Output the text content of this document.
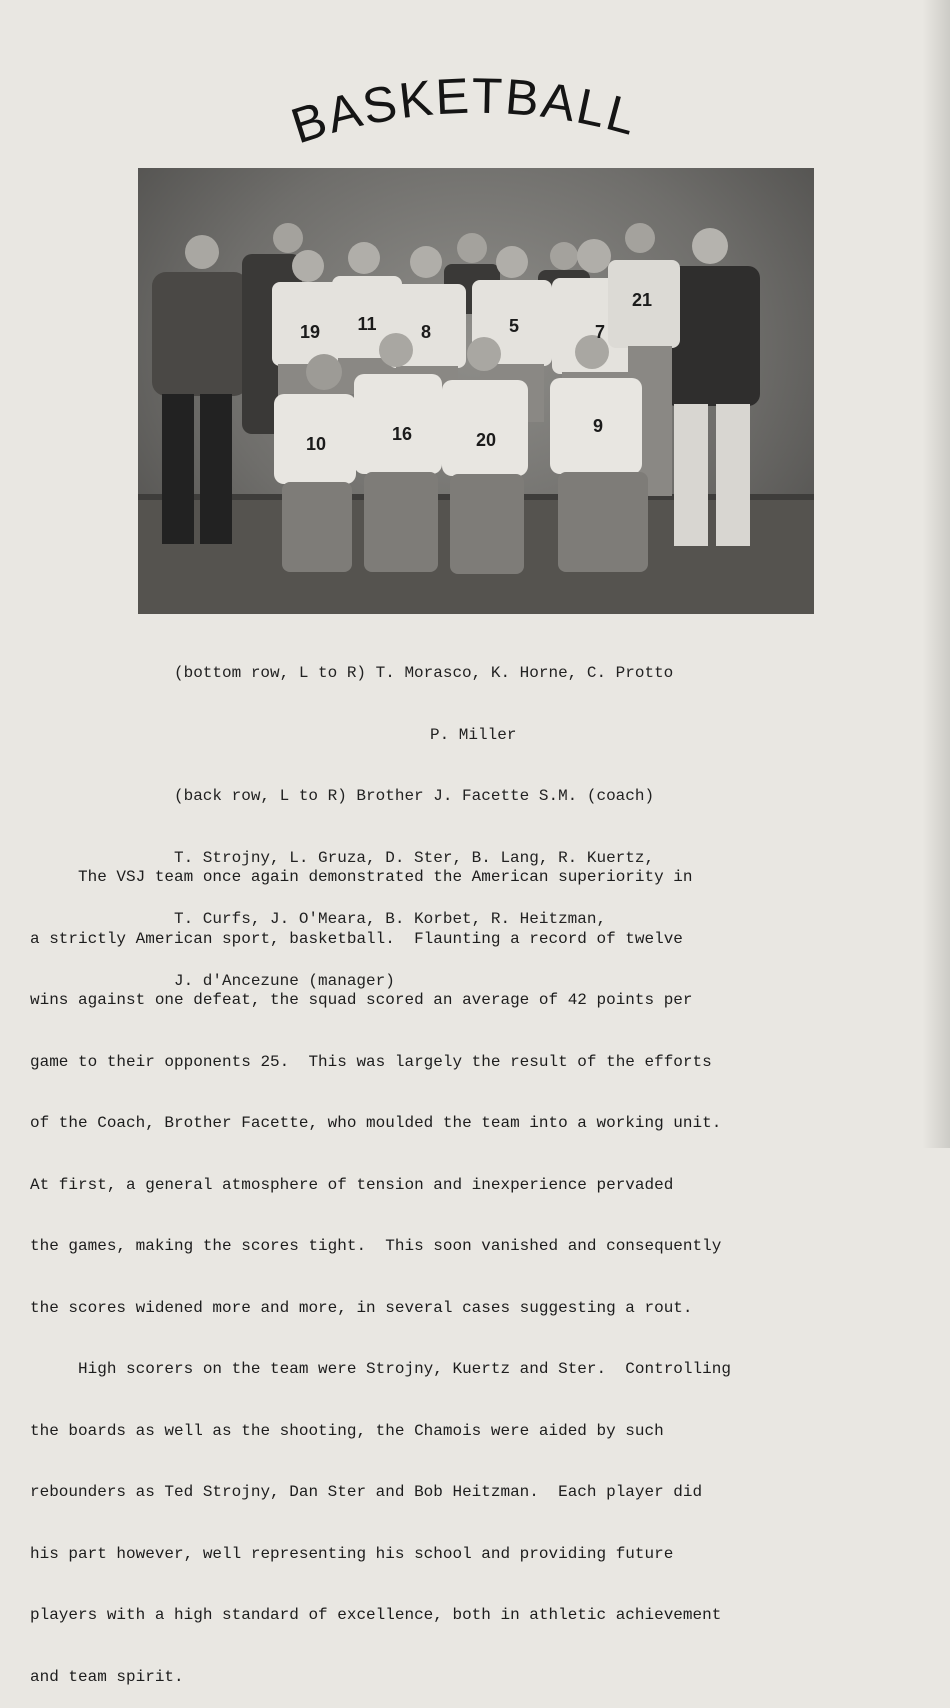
BASKETBALL
19 11 8	5	7
21
10	16	20
9

(bottom row, L to R) T. Morasco, K. Horne, C. Protto

P. Miller

(back row, L to R) Brother J. Facette S.M. (coach)

T. Strojny, L. Gruza, D. Ster, B. Lang, R. Kuertz,

T. Curfs, J. O'Meara, B. Korbet, R. Heitzman,

J. d'Ancezune (manager)

The VSJ team once again demonstrated the American superiority in

a strictly American sport, basketball.  Flaunting a record of twelve

wins against one defeat, the squad scored an average of 42 points per

game to their opponents 25.  This was largely the result of the efforts

of the Coach, Brother Facette, who moulded the team into a working unit.

At first, a general atmosphere of tension and inexperience pervaded

the games, making the scores tight.  This soon vanished and consequently

the scores widened more and more, in several cases suggesting a rout.

High scorers on the team were Strojny, Kuertz and Ster.  Controlling

the boards as well as the shooting, the Chamois were aided by such

rebounders as Ted Strojny, Dan Ster and Bob Heitzman.  Each player did

his part however, well representing his school and providing future

players with a high standard of excellence, both in athletic achievement

and team spirit.
